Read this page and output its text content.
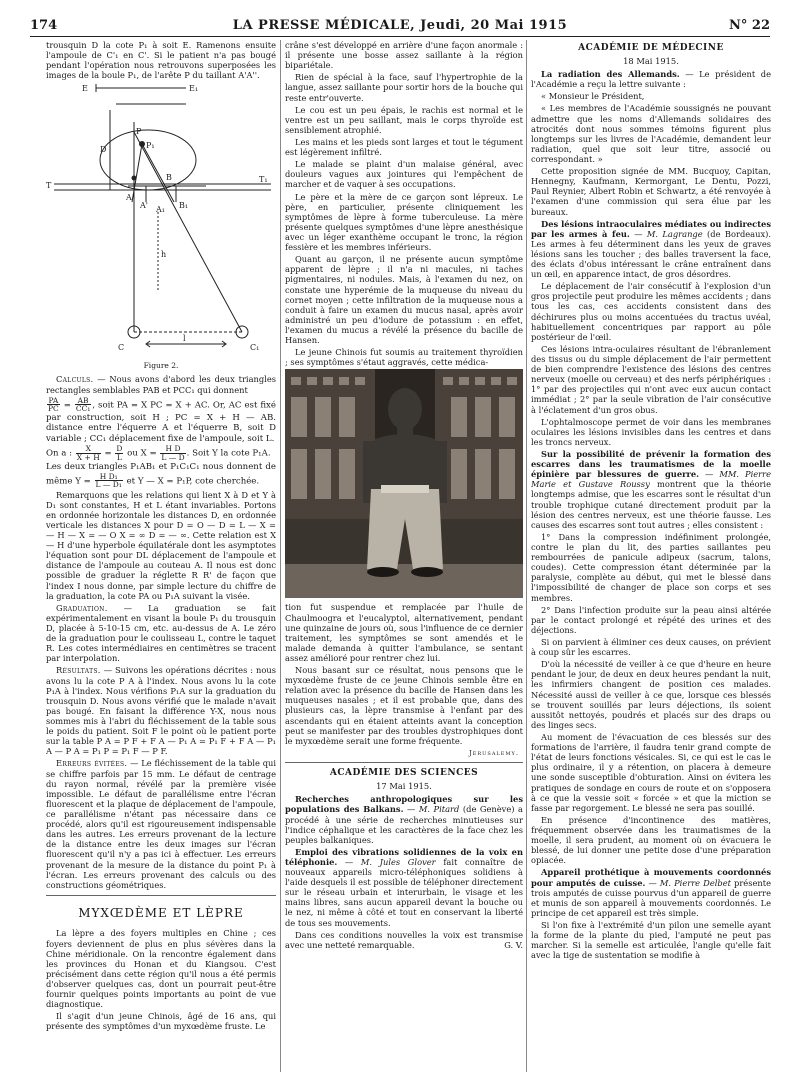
174	LA PRESSE MÉDICALE, Jeudi, 20 Mai 1915	N° 22

trousquin D la cote P₁ à soit E. Ramenons ensuite l'ampoule de C'₁ en C'. Si le patient n'a pas bougé pendant l'opération nous retrouvons superposées les images de la boule P₁, de l'arête P du taillant A'A''.

E	E₁
D
P
P₁
A
A'
B
B₁
T
T₁
h
C	C₁
l
A₁
Figure 2.

Calculs. — Nous avons d'abord les deux triangles rectangles semblables PAB et PCC₁ qui donnent

$\frac{PA}{PC} = \frac{AB}{\text{CC₁}}$ , soit PA = X PC = X + AC. Or, AC est fixé par construction, soit H ; PC = X + H — AB. distance entre l'équerre A et l'équerre B, soit D variable ; CC₁ déplacement fixe de l'ampoule, soit L.

On a : $\frac{X}{X + H} = \frac{D}{L}$ ou $X = \frac{\text{H D}}{L — D}$ . Soit Y la cote P₁A.

Les deux triangles P₁AB₁ et P₁C₁C₁ nous donnent de même $Y = \frac{\text{H D₁}}{\text{L — D₁}}$ et Y — X = P₁P, cote cherchée.

Remarquons que les relations qui lient X à D et Y à D₁ sont constantes, H et L étant invariables. Portons en ordonnée horizontale les distances D, en ordonnée verticale les distances X pour D = O — D = L — X = — H — X = — O X = ∞ D = — ∞. Cette relation est X — H d'une hyperbole équilatérale dont les asymptotes l'équation sont pour DL déplacement de l'ampoule et distance de l'ampoule au couteau A. Il nous est donc possible de graduer la réglette R R' de façon que l'index I nous donne, par simple lecture du chiffre de la graduation, la cote PA ou P₁A suivant la visée.

Graduation. — La graduation se fait expérimentalement en visant la boule P₁ du trousquin D, placée à 5-10-15 cm, etc. au-dessus de A. Le zéro de la graduation pour le coulisseau L, contre le taquet R. Les cotes intermédiaires en centimètres se tracent par interpolation.

Résultats. — Suivons les opérations décrites : nous avons lu la cote P A à l'index. Nous avons lu la cote P₁A à l'index. Nous vérifions P₁A sur la graduation du trousquin D. Nous avons vérifié que le malade n'avait pas bougé. En faisant la différence Y-X, nous nous sommes mis à l'abri du fléchissement de la table sous le poids du patient. Soit F le point où le patient porte sur la table P A = P F + F A — P₁ A = P₁ F + F A — P₁ A — P A = P₁ P = P₁ F — P F.

Erreurs évitées. — Le fléchissement de la table qui se chiffre parfois par 15 mm. Le défaut de centrage du rayon normal, révélé par la première visée impossible. Le défaut de parallélisme entre l'écran fluorescent et la plaque de déplacement de l'ampoule, ce parallélisme n'étant pas nécessaire dans ce procédé, alors qu'il est rigoureusement indispensable dans les autres. Les erreurs provenant de la lecture de la distance entre les deux images sur l'écran fluorescent qu'il n'y a pas ici à effectuer. Les erreurs provenant de la mesure de la distance du point P₁ à l'écran. Les erreurs provenant des calculs ou des constructions géométriques.

MYXŒDÈME ET LÈPRE

La lèpre a des foyers multiples en Chine ; ces foyers deviennent de plus en plus sévères dans la Chine méridionale. On la rencontre également dans les provinces du Honan et du Kiangsou. C'est précisément dans cette région qu'il nous a été permis d'observer quelques cas, dont un pourrait peut-être fournir quelques points importants au point de vue diagnostique.

Il s'agit d'un jeune Chinois, âgé de 16 ans, qui présente des symptômes d'un myxœdème fruste. Le

crâne s'est développé en arrière d'une façon anormale : il présente une bosse assez saillante à la région bipariétale.

Rien de spécial à la face, sauf l'hypertrophie de la langue, assez saillante pour sortir hors de la bouche qui reste entr'ouverte.

Le cou est un peu épais, le rachis est normal et le ventre est un peu saillant, mais le corps thyroïde est sensiblement atrophié.

Les mains et les pieds sont larges et tout le tégument est légèrement infiltré.

Le malade se plaint d'un malaise général, avec douleurs vagues aux jointures qui l'empêchent de marcher et de vaquer à ses occupations.

Le père et la mère de ce garçon sont lépreux. Le père, en particulier, présente cliniquement les symptômes de lèpre à forme tuberculeuse. La mère présente quelques symptômes d'une lèpre anesthésique avec un léger exanthème occupant le tronc, la région fessière et les membres inférieurs.

Quant au garçon, il ne présente aucun symptôme apparent de lèpre ; il n'a ni macules, ni taches pigmentaires, ni nodules. Mais, à l'examen du nez, on constate une hyperémie de la muqueuse du niveau du cornet moyen ; cette infiltration de la muqueuse nous a conduit à faire un examen du mucus nasal, après avoir administré un peu d'iodure de potassium : en effet, l'examen du mucus a révélé la présence du bacille de Hansen.

Le jeune Chinois fut soumis au traitement thyroïdien ; ses symptômes s'étaut aggravés, cette médica-

tion fut suspendue et remplacée par l'huile de Chaulmoogra et l'eucalyptol, alternativement, pendant une quinzaine de jours où, sous l'influence de ce dernier traitement, les symptômes se sont amendés et le malade demanda à quitter l'ambulance, se sentant assez amélioré pour rentrer chez lui.

Nous basant sur ce résultat, nous pensons que le myxœdème fruste de ce jeune Chinois semble être en relation avec la présence du bacille de Hansen dans les muqueuses nasales ; et il est probable que, dans des plusieurs cas, la lèpre transmise à l'enfant par des ascendants qui en étaient atteints avant la conception peut se manifester par des troubles dystrophiques dont le myxœdème serait une forme fréquente.

Jérusalemy.

ACADÉMIE DES SCIENCES

17 Mai 1915.

Recherches anthropologiques sur les populations des Balkans. — M. Pitard (de Genève) a procédé à une série de recherches minutieuses sur l'indice céphalique et les caractères de la face chez les peuples balkaniques.

Emploi des vibrations solidiennes de la voix en téléphonie. — M. Jules Glover fait connaître de nouveaux appareils micro-téléphoniques solidiens à l'aide desquels il est possible de téléphoner directement sur le réseau urbain et interurbain, le visage et les mains libres, sans aucun appareil devant la bouche ou le nez, ni même à côté et tout en conservant la liberté de tous ses mouvements.

Dans ces conditions nouvelles la voix est transmise avec une netteté remarquable.	G. V.

ACADÉMIE DE MÉDECINE

18 Mai 1915.

La radiation des Allemands. — Le président de l'Académie a reçu la lettre suivante :

« Monsieur le Président,

« Les membres de l'Académie soussignés ne pouvant admettre que les noms d'Allemands solidaires des atrocités dont nous sommes témoins figurent plus longtemps sur les livres de l'Académie, demandent leur radiation, quel que soit leur titre, associé ou correspondant. »

Cette proposition signée de MM. Bucquoy, Capitan, Hennegny, Kaufmann, Kermorgant, Le Dentu, Pozzi, Paul Reynier, Albert Robin et Schwartz, a été renvoyée à l'examen d'une commission qui sera élue par les bureaux.

Des lésions intraoculaires médiates ou indirectes par les armes à feu. — M. Lagrange (de Bordeaux). Les armes à feu déterminent dans les yeux de graves lésions sans les toucher ; des balles traversent la face, des éclats d'obus intéressant le crâne entraînent dans un œil, en apparence intact, de gros désordres.

Le déplacement de l'air consécutif à l'explosion d'un gros projectile peut produire les mêmes accidents ; dans tous les cas, ces accidents consistent dans des déchirures plus ou moins accentuées du tractus uvéal, habituellement concentriques par rapport au pôle postérieur de l'œil.

Ces lésions intra-oculaires résultant de l'ébranlement des tissus ou du simple déplacement de l'air permettent de bien comprendre l'existence des lésions des centres nerveux (moelle ou cerveau) et des nerfs périphériques : 1° par des projectiles qui n'ont avec eux aucun contact immédiat ; 2° par la seule vibration de l'air consécutive à l'éclatement d'un gros obus.

L'ophtalmoscope permet de voir dans les membranes oculaires les lésions invisibles dans les centres et dans les troncs nerveux.

Sur la possibilité de prévenir la formation des escarres dans les traumatismes de la moelle épinière par blessures de guerre. — MM. Pierre Marie et Gustave Roussy montrent que la théorie longtemps admise, que les escarres sont le résultat d'un trouble trophique cutané directement produit par la lésion des centres nerveux, est une théorie fausse. Les causes des escarres sont tout autres ; elles consistent :

1° Dans la compression indéfiniment prolongée, contre le plan du lit, des parties saillantes peu rembourrées de panicule adipeux (sacrum, talons, coudes). Cette compression étant déterminée par la paralysie, complète au début, qui met le blessé dans l'impossibilité de changer de place son corps et ses membres.

2° Dans l'infection produite sur la peau ainsi altérée par le contact prolongé et répété des urines et des déjections.

Si on parvient à éliminer ces deux causes, on prévient à coup sûr les escarres.

D'où la nécessité de veiller à ce que d'heure en heure pendant le jour, de deux en deux heures pendant la nuit, les infirmiers changent de position ces malades. Nécessité aussi de veiller à ce que, lorsque ces blessés se trouvent souillés par leurs déjections, ils soient aussitôt nettoyés, poudrés et placés sur des draps ou des linges secs.

Au moment de l'évacuation de ces blessés sur des formations de l'arrière, il faudra tenir grand compte de l'état de leurs fonctions vésicales. Si, ce qui est le cas le plus ordinaire, il y a rétention, on placera à demeure une sonde susceptible d'obturation. Ainsi on évitera les pratiques de sondage en cours de route et on s'opposera à ce que la vessie soit « forcée » et que la miction se fasse par regorgement. Le blessé ne sera pas souillé.

En présence d'incontinence des matières, fréquemment observée dans les traumatismes de la moelle, il sera prudent, au moment où on évacuera le blessé, de lui donner une petite dose d'une préparation opiacée.

Appareil prothétique à mouvements coordonnés pour amputés de cuisse. — M. Pierre Delbet présente trois amputés de cuisse pourvus d'un appareil de guerre et munis de son appareil à mouvements coordonnés. Le principe de cet appareil est très simple.

Si l'on fixe à l'extrémité d'un pilon une semelle ayant la forme de la plante du pied, l'amputé ne peut pas marcher. Si la semelle est articulée, l'angle qu'elle fait avec la tige de sustentation se modifie à
